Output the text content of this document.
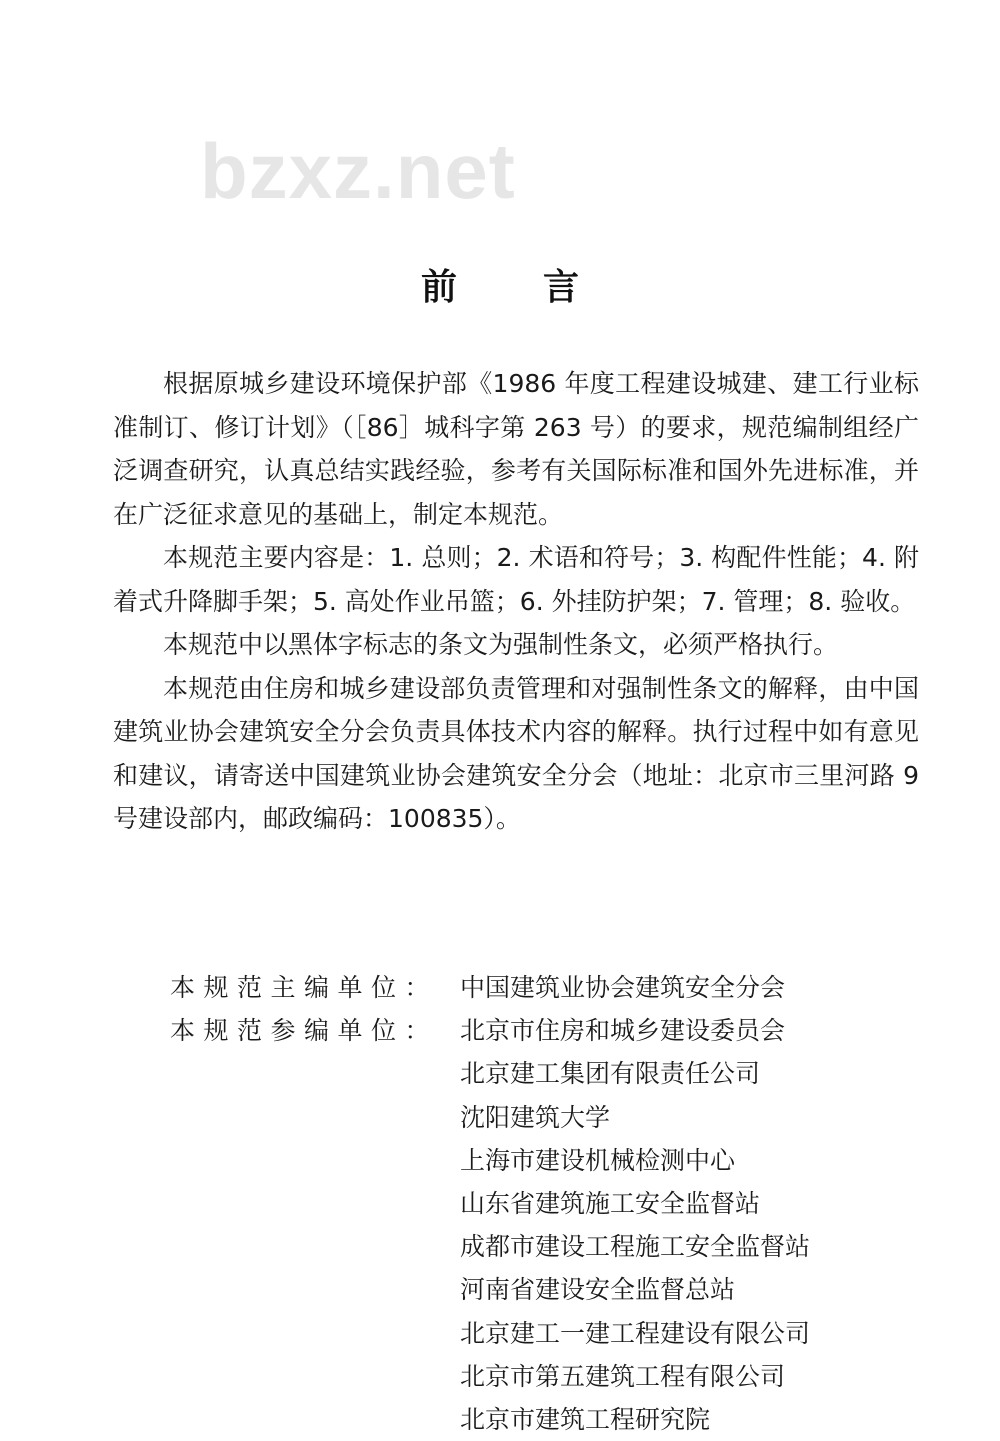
bzxz.net
前 言

根据原城乡建设环境保护部《1986 年度工程建设城建、建工行业标准制订、修订计划》（［86］城科字第 263 号）的要求，规范编制组经广泛调查研究，认真总结实践经验，参考有关国际标准和国外先进标准，并在广泛征求意见的基础上，制定本规范。

本规范主要内容是：1. 总则；2. 术语和符号；3. 构配件性能；4. 附着式升降脚手架；5. 高处作业吊篮；6. 外挂防护架；7. 管理；8. 验收。

本规范中以黑体字标志的条文为强制性条文，必须严格执行。

本规范由住房和城乡建设部负责管理和对强制性条文的解释，由中国建筑业协会建筑安全分会负责具体技术内容的解释。执行过程中如有意见和建议，请寄送中国建筑业协会建筑安全分会（地址：北京市三里河路 9 号建设部内，邮政编码：100835）。

本规范主编单位： 中国建筑业协会建筑安全分会
本规范参编单位： 北京市住房和城乡建设委员会
北京建工集团有限责任公司
沈阳建筑大学
上海市建设机械检测中心
山东省建筑施工安全监督站
成都市建设工程施工安全监督站
河南省建设安全监督总站
北京建工一建工程建设有限公司
北京市第五建筑工程有限公司
北京市建筑工程研究院
